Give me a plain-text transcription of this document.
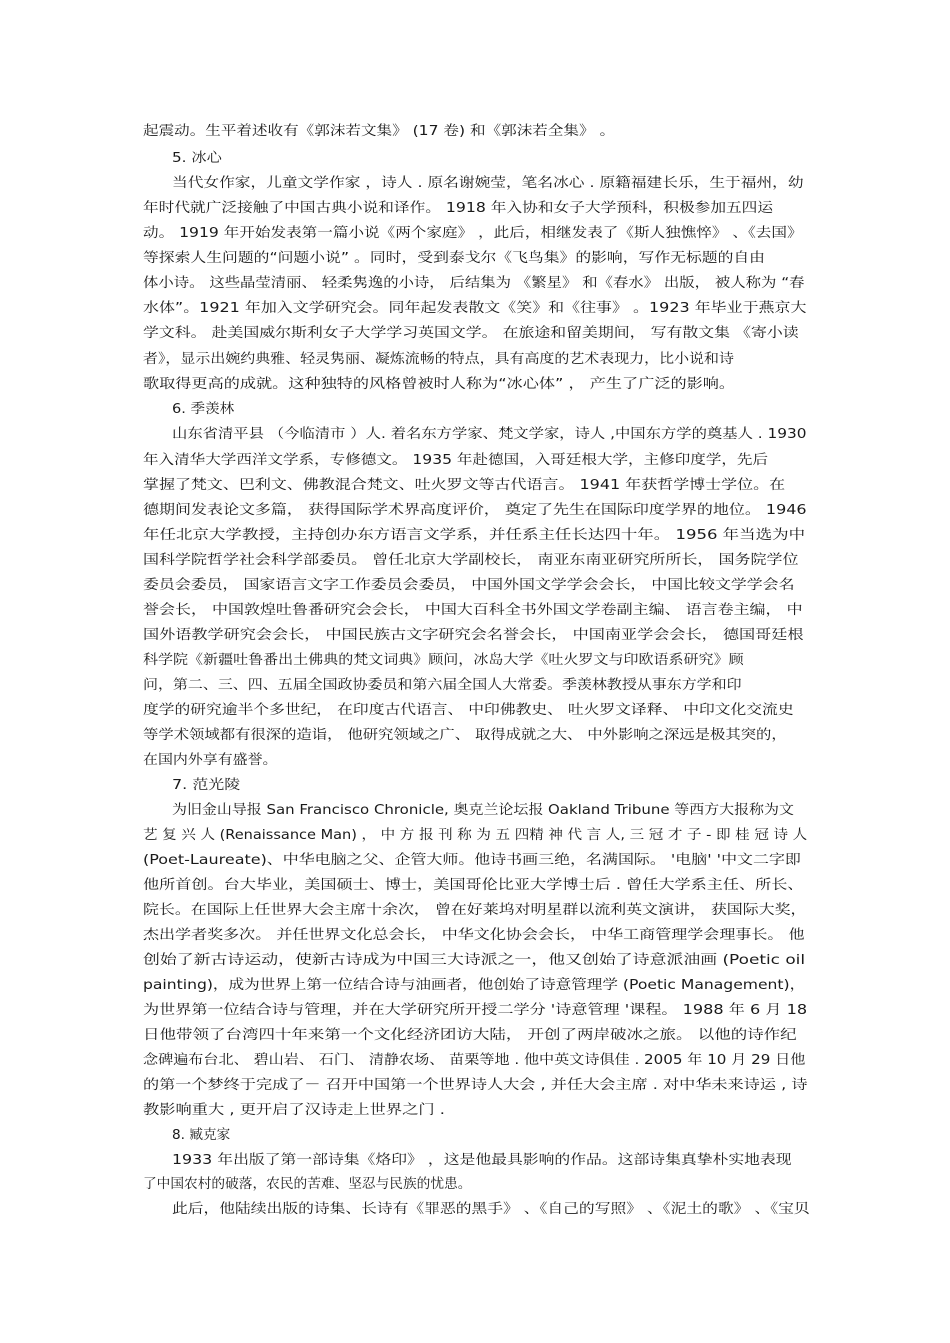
起震动。生平着述收有《郭沫若文集》 (17 卷) 和《郭沫若全集》 。
5. 冰心
当代女作家，儿童文学作家 ，诗人 . 原名谢婉莹，笔名冰心 . 原籍福建长乐，生于福州，幼
年时代就广泛接触了中国古典小说和译作。 1918 年入协和女子大学预科，积极参加五四运
动。 1919 年开始发表第一篇小说《两个家庭》 ，此后，相继发表了《斯人独憔悴》 、《去国》
等探索人生问题的“问题小说” 。同时，受到泰戈尔《飞鸟集》的影响，写作无标题的自由
体小诗。 这些晶莹清丽、 轻柔隽逸的小诗， 后结集为 《繁星》 和《春水》 出版， 被人称为 “春
水体”。1921 年加入文学研究会。同年起发表散文《笑》和《往事》 。1923 年毕业于燕京大
学文科。 赴美国威尔斯利女子大学学习英国文学。 在旅途和留美期间， 写有散文集 《寄小读
者》，显示出婉约典雅、轻灵隽丽、凝炼流畅的特点，具有高度的艺术表现力，比小说和诗
歌取得更高的成就。这种独特的风格曾被时人称为“冰心体” ， 产生了广泛的影响。
6. 季羡林
山东省清平县 （今临清市 ）人. 着名东方学家、梵文学家，诗人 ,中国东方学的奠基人 . 1930
年入清华大学西洋文学系，专修德文。 1935 年赴德国，入哥廷根大学，主修印度学，先后
掌握了梵文、巴利文、佛教混合梵文、吐火罗文等古代语言。 1941 年获哲学博士学位。在
德期间发表论文多篇， 获得国际学术界高度评价， 奠定了先生在国际印度学界的地位。 1946
年任北京大学教授，主持创办东方语言文学系，并任系主任长达四十年。 1956 年当选为中
国科学院哲学社会科学部委员。 曾任北京大学副校长， 南亚东南亚研究所所长， 国务院学位
委员会委员， 国家语言文字工作委员会委员， 中国外国文学学会会长， 中国比较文学学会名
誉会长， 中国敦煌吐鲁番研究会会长， 中国大百科全书外国文学卷副主编、 语言卷主编， 中
国外语教学研究会会长， 中国民族古文字研究会名誉会长， 中国南亚学会会长， 德国哥廷根
科学院《新疆吐鲁番出土佛典的梵文词典》顾问，冰岛大学《吐火罗文与印欧语系研究》顾
问，第二、三、四、五届全国政协委员和第六届全国人大常委。季羡林教授从事东方学和印
度学的研究逾半个多世纪， 在印度古代语言、 中印佛教史、 吐火罗文译释、 中印文化交流史
等学术领域都有很深的造诣， 他研究领域之广、 取得成就之大、 中外影响之深远是极其突的，
在国内外享有盛誉。
7. 范光陵
为旧金山导报 San Francisco Chronicle, 奥克兰论坛报 Oakland Tribune 等西方大报称为文
艺 复 兴 人 (Renaissance Man) ， 中 方 报 刊 称 为 五 四精 神 代 言 人, 三 冠 才 子 - 即 桂 冠 诗 人
(Poet-Laureate)、中华电脑之父、企管大师。他诗书画三绝，名满国际。 '电脑' '中文二字即
他所首创。台大毕业，美国硕士、博士，美国哥伦比亚大学博士后 . 曾任大学系主任、所长、
院长。在国际上任世界大会主席十余次， 曾在好莱坞对明星群以流利英文演讲， 获国际大奖，
杰出学者奖多次。 并任世界文化总会长， 中华文化协会会长， 中华工商管理学会理事长。 他
创始了新古诗运动，使新古诗成为中国三大诗派之一，他又创始了诗意派油画 (Poetic oil
painting)，成为世界上第一位结合诗与油画者，他创始了诗意管理学 (Poetic Management)，
为世界第一位结合诗与管理，并在大学研究所开授二学分 '诗意管理 '课程。 1988 年 6 月 18
日他带领了台湾四十年来第一个文化经济团访大陆， 开创了两岸破冰之旅。 以他的诗作纪
念碑遍布台北、 碧山岩、 石门、 清静农场、 苗栗等地 . 他中英文诗俱佳 . 2005 年 10 月 29 日他
的第一个梦终于完成了－ 召开中国第一个世界诗人大会 , 并任大会主席 . 对中华未来诗运 , 诗
教影响重大 , 更开启了汉诗走上世界之门 .
8. 臧克家
1933 年出版了第一部诗集《烙印》 ，这是他最具影响的作品。这部诗集真挚朴实地表现
了中国农村的破落，农民的苦难、坚忍与民族的忧患。
此后，他陆续出版的诗集、长诗有《罪恶的黑手》 、《自己的写照》 、《泥土的歌》 、《宝贝
